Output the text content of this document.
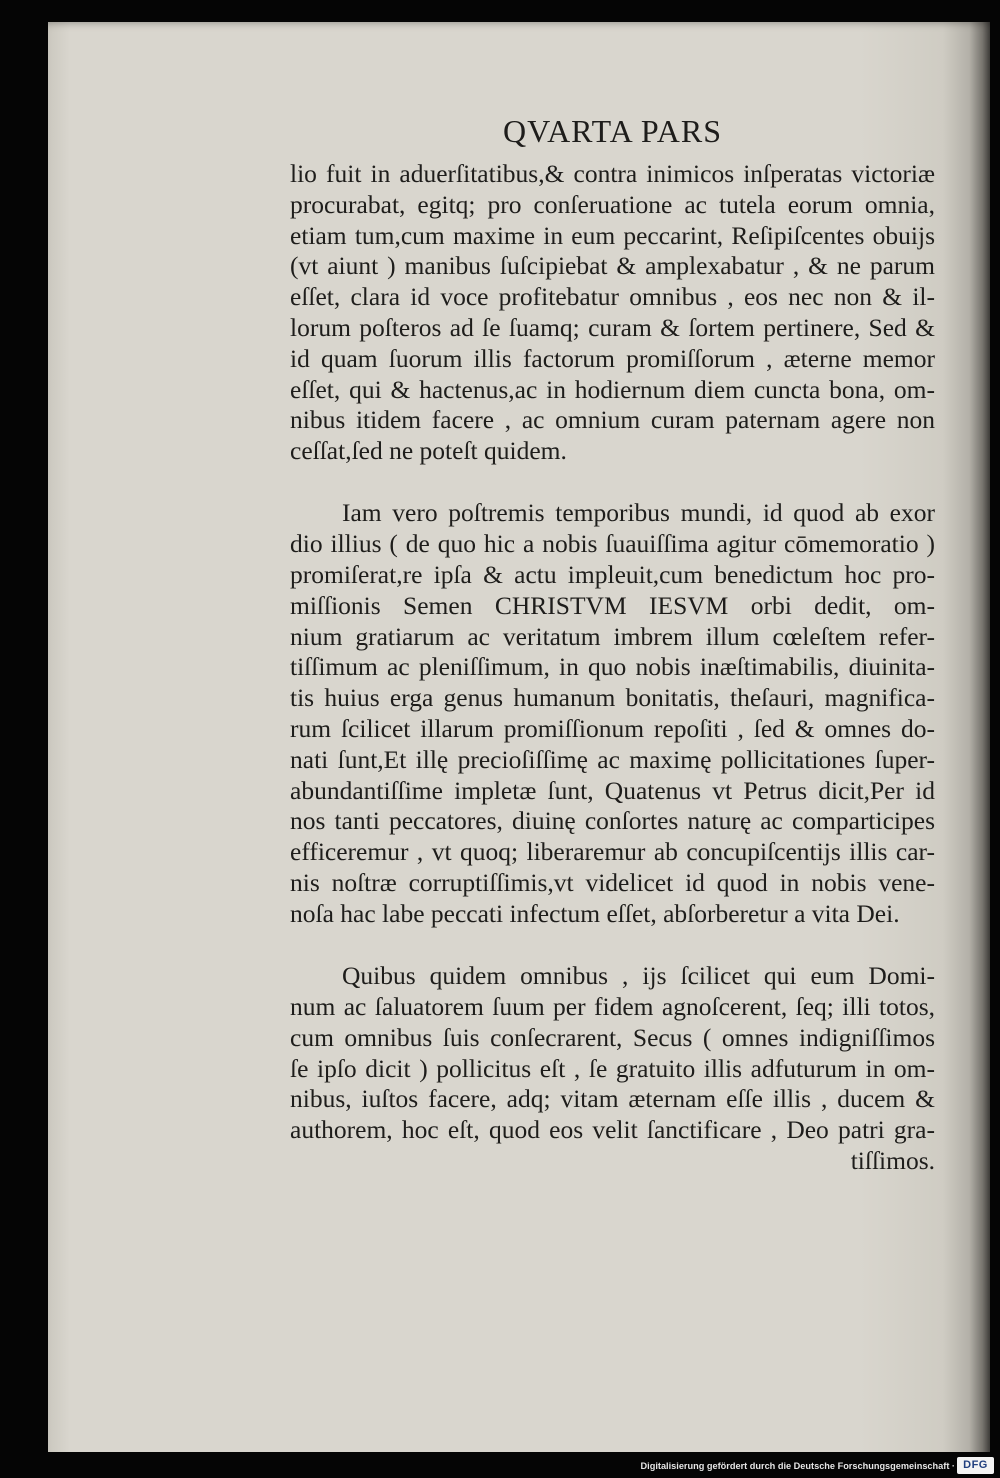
QVARTA PARS
lio fuit in aduerſitatibus,& contra inimicos inſperatas victoriæ
procurabat, egitq; pro conſeruatione ac tutela eorum omnia,
etiam tum,cum maxime in eum peccarint, Reſipiſcentes obuijs
(vt aiunt ) manibus ſuſcipiebat & amplexabatur , & ne parum
eſſet, clara id voce profitebatur omnibus , eos nec non & il-
lorum poſteros ad ſe ſuamq; curam & ſortem pertinere, Sed &
id quam ſuorum illis factorum promiſſorum , æterne memor
eſſet, qui & hactenus,ac in hodiernum diem cuncta bona, om-
nibus itidem facere , ac omnium curam paternam agere non
ceſſat,ſed ne poteſt quidem.
Iam vero poſtremis temporibus mundi, id quod ab exor
dio illius ( de quo hic a nobis ſuauiſſima agitur cōmemoratio )
promiſerat,re ipſa & actu impleuit,cum benedictum hoc pro-
miſſionis Semen CHRISTVM IESVM orbi dedit, om-
nium gratiarum ac veritatum imbrem illum cœleſtem refer-
tiſſimum ac pleniſſimum, in quo nobis inæſtimabilis, diuinita-
tis huius erga genus humanum bonitatis, theſauri, magnifica-
rum ſcilicet illarum promiſſionum repoſiti , ſed & omnes do-
nati ſunt,Et illę precioſiſſimę ac maximę pollicitationes ſuper-
abundantiſſime impletæ ſunt, Quatenus vt Petrus dicit,Per id
nos tanti peccatores, diuinę conſortes naturę ac comparticipes
efficeremur , vt quoq; liberaremur ab concupiſcentijs illis car-
nis noſtræ corruptiſſimis,vt videlicet id quod in nobis vene-
noſa hac labe peccati infectum eſſet, abſorberetur a vita Dei.
Quibus quidem omnibus , ijs ſcilicet qui eum Domi-
num ac ſaluatorem ſuum per fidem agnoſcerent, ſeq; illi totos,
cum omnibus ſuis conſecrarent, Secus ( omnes indigniſſimos
ſe ipſo dicit ) pollicitus eſt , ſe gratuito illis adfuturum in om-
nibus, iuſtos facere, adq; vitam æternam eſſe illis , ducem &
authorem, hoc eſt, quod eos velit ſanctificare , Deo patri gra-
tiſſimos.
Digitalisierung gefördert durch die Deutsche Forschungsgemeinschaft · DFG
